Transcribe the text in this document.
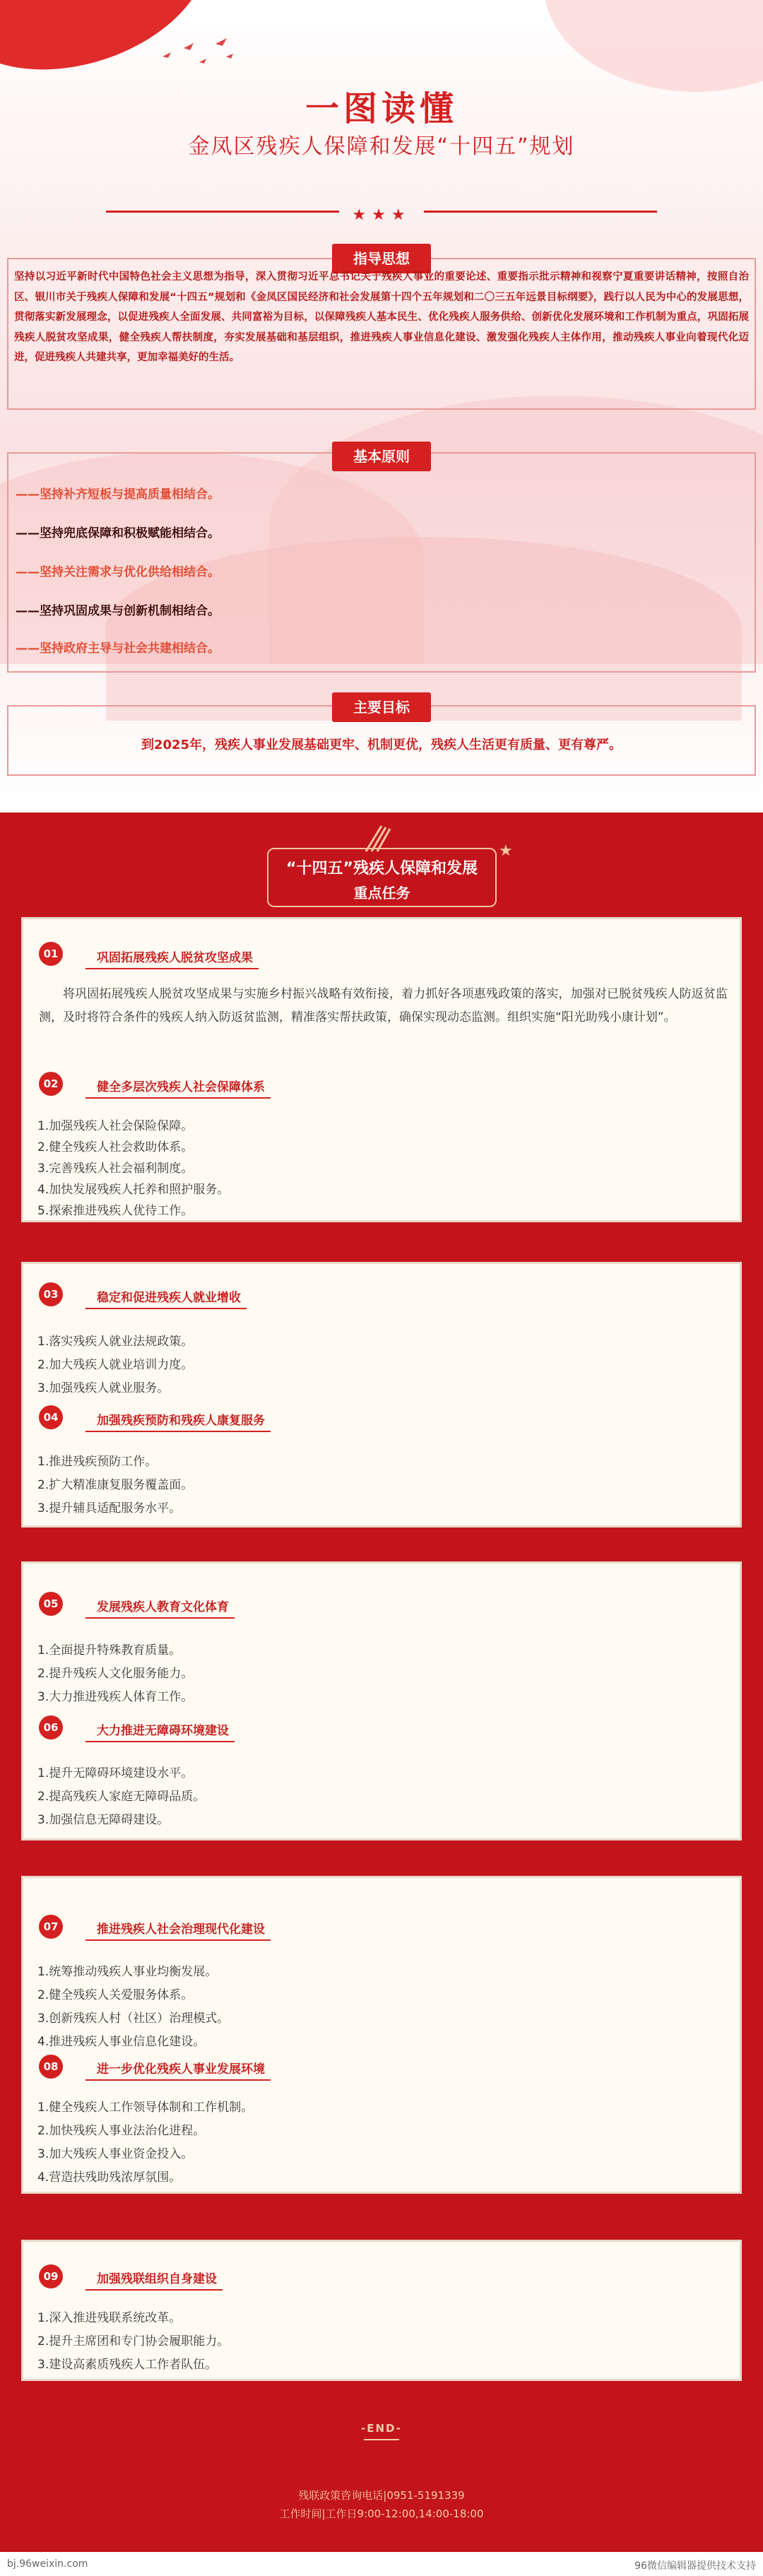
一图读懂
金凤区残疾人保障和发展“十四五”规划
★★★
指导思想
坚持以习近平新时代中国特色社会主义思想为指导，深入贯彻习近平总书记关于残疾人事业的重要论述、重要指示批示精神和视察宁夏重要讲话精神，按照自治区、银川市关于残疾人保障和发展“十四五”规划和《金凤区国民经济和社会发展第十四个五年规划和二〇三五年远景目标纲要》，践行以人民为中心的发展思想，贯彻落实新发展理念，以促进残疾人全面发展、共同富裕为目标，以保障残疾人基本民生、优化残疾人服务供给、创新优化发展环境和工作机制为重点，巩固拓展残疾人脱贫攻坚成果，健全残疾人帮扶制度，夯实发展基础和基层组织，推进残疾人事业信息化建设、激发强化残疾人主体作用，推动残疾人事业向着现代化迈进，促进残疾人共建共享，更加幸福美好的生活。
基本原则
——坚持补齐短板与提高质量相结合。
——坚持兜底保障和积极赋能相结合。
——坚持关注需求与优化供给相结合。
——坚持巩固成果与创新机制相结合。
——坚持政府主导与社会共建相结合。
主要目标
到2025年，残疾人事业发展基础更牢、机制更优，残疾人生活更有质量、更有尊严。
★
“十四五”残疾人保障和发展
重点任务
01	巩固拓展残疾人脱贫攻坚成果
将巩固拓展残疾人脱贫攻坚成果与实施乡村振兴战略有效衔接，着力抓好各项惠残政策的落实，加强对已脱贫残疾人防返贫监测，及时将符合条件的残疾人纳入防返贫监测，精准落实帮扶政策，确保实现动态监测。组织实施“阳光助残小康计划”。
02	健全多层次残疾人社会保障体系
1.加强残疾人社会保险保障。
2.健全残疾人社会救助体系。
3.完善残疾人社会福利制度。
4.加快发展残疾人托养和照护服务。
5.探索推进残疾人优待工作。
03	稳定和促进残疾人就业增收
1.落实残疾人就业法规政策。
2.加大残疾人就业培训力度。
3.加强残疾人就业服务。
04	加强残疾预防和残疾人康复服务
1.推进残疾预防工作。
2.扩大精准康复服务覆盖面。
3.提升辅具适配服务水平。
05	发展残疾人教育文化体育
1.全面提升特殊教育质量。
2.提升残疾人文化服务能力。
3.大力推进残疾人体育工作。
06	大力推进无障碍环境建设
1.提升无障碍环境建设水平。
2.提高残疾人家庭无障碍品质。
3.加强信息无障碍建设。
07	推进残疾人社会治理现代化建设
1.统筹推动残疾人事业均衡发展。
2.健全残疾人关爱服务体系。
3.创新残疾人村（社区）治理模式。
4.推进残疾人事业信息化建设。
08	进一步优化残疾人事业发展环境
1.健全残疾人工作领导体制和工作机制。
2.加快残疾人事业法治化进程。
3.加大残疾人事业资金投入。
4.营造扶残助残浓厚氛围。
09	加强残联组织自身建设
1.深入推进残联系统改革。
2.提升主席团和专门协会履职能力。
3.建设高素质残疾人工作者队伍。
-END-
残联政策咨询电话|0951-5191339
工作时间|工作日9:00-12:00,14:00-18:00
bj.96weixin.com	96微信编辑器提供技术支持
